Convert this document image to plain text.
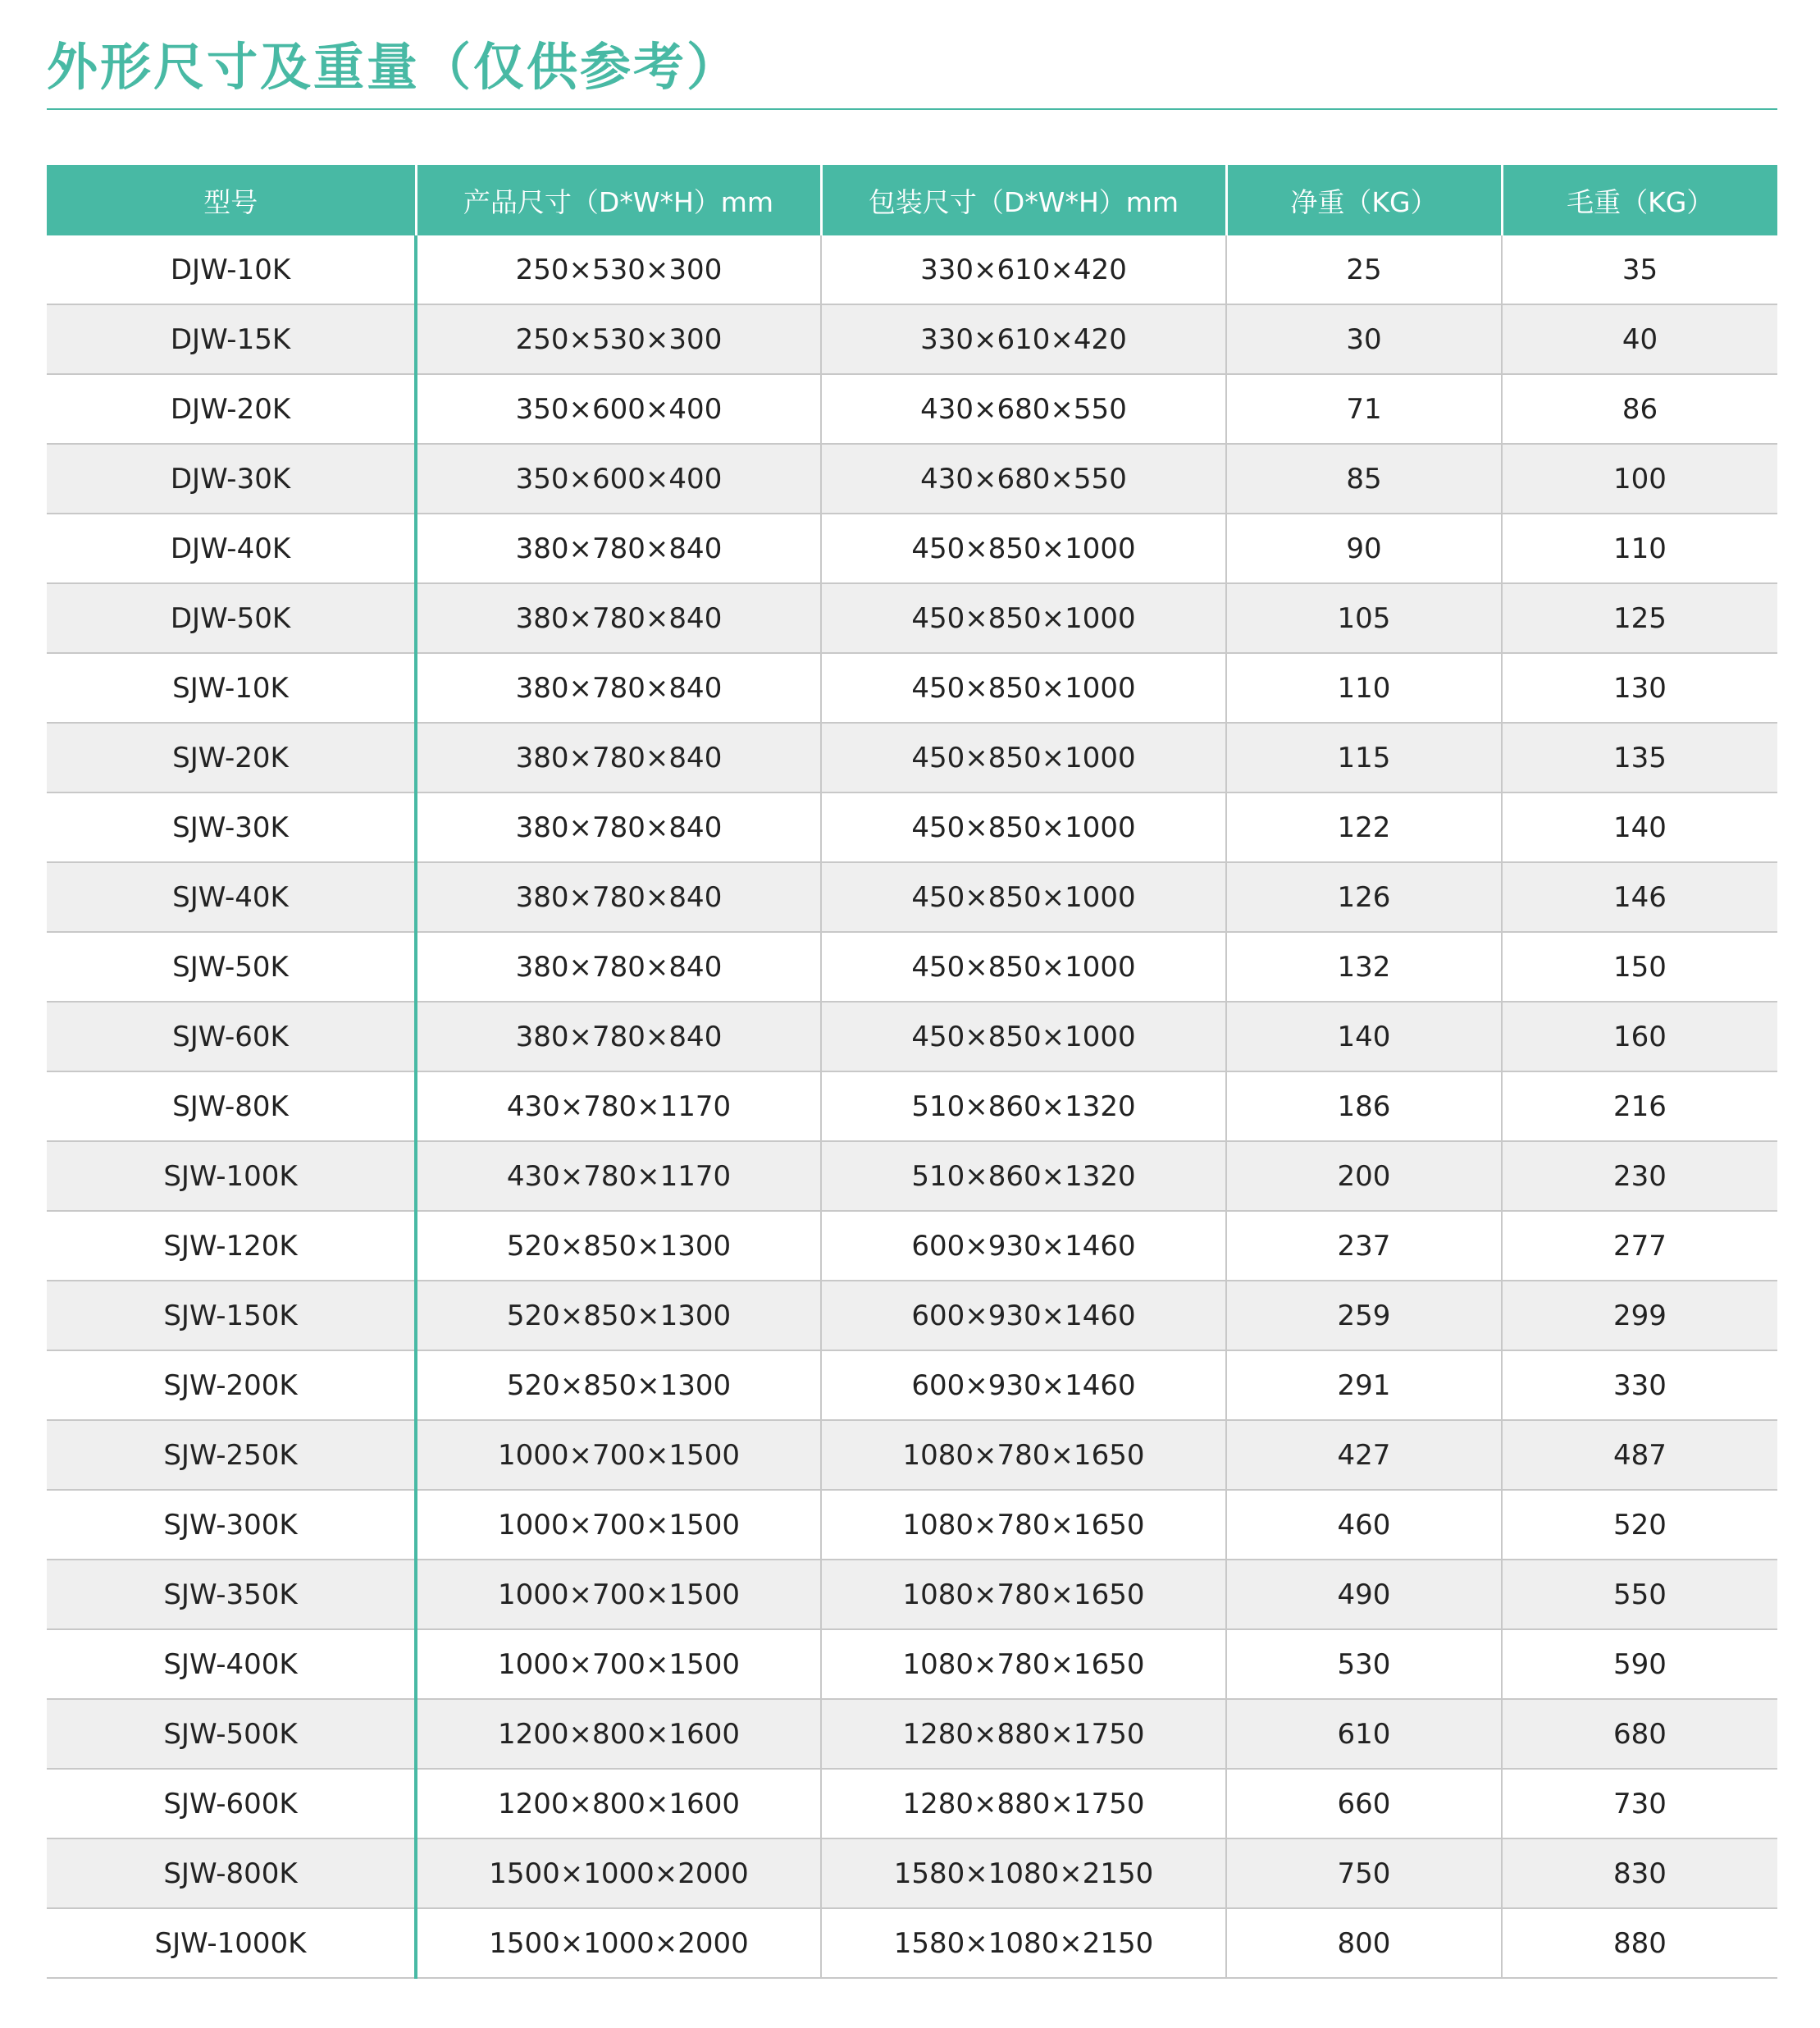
外形尺寸及重量（仅供参考）
型号	产品尺寸（D*W*H）mm	包装尺寸（D*W*H）mm	净重（KG）	毛重（KG）
DJW-10K	250×530×300	330×610×420	25	35
DJW-15K	250×530×300	330×610×420	30	40
DJW-20K	350×600×400	430×680×550	71	86
DJW-30K	350×600×400	430×680×550	85	100
DJW-40K	380×780×840	450×850×1000	90	110
DJW-50K	380×780×840	450×850×1000	105	125
SJW-10K	380×780×840	450×850×1000	110	130
SJW-20K	380×780×840	450×850×1000	115	135
SJW-30K	380×780×840	450×850×1000	122	140
SJW-40K	380×780×840	450×850×1000	126	146
SJW-50K	380×780×840	450×850×1000	132	150
SJW-60K	380×780×840	450×850×1000	140	160
SJW-80K	430×780×1170	510×860×1320	186	216
SJW-100K	430×780×1170	510×860×1320	200	230
SJW-120K	520×850×1300	600×930×1460	237	277
SJW-150K	520×850×1300	600×930×1460	259	299
SJW-200K	520×850×1300	600×930×1460	291	330
SJW-250K	1000×700×1500	1080×780×1650	427	487
SJW-300K	1000×700×1500	1080×780×1650	460	520
SJW-350K	1000×700×1500	1080×780×1650	490	550
SJW-400K	1000×700×1500	1080×780×1650	530	590
SJW-500K	1200×800×1600	1280×880×1750	610	680
SJW-600K	1200×800×1600	1280×880×1750	660	730
SJW-800K	1500×1000×2000	1580×1080×2150	750	830
SJW-1000K	1500×1000×2000	1580×1080×2150	800	880
